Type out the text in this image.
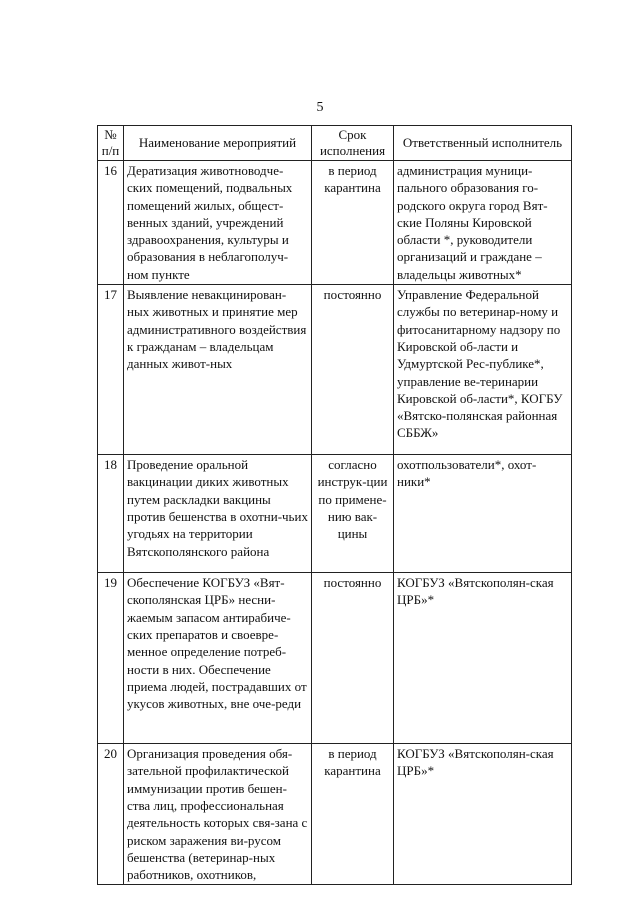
5
№ п/п	Наименование мероприятий	Срок исполнения	Ответственный исполнитель
16	Дератизация животноводче-ских помещений, подвальных помещений жилых, общест-венных зданий, учреждений здравоохранения, культуры и образования в неблагополуч-ном пункте	в период карантина	администрация муници-пального образования го-родского округа город Вят-ские Поляны Кировской области *, руководители организаций и граждане – владельцы животных*
17	Выявление невакцинирован-ных животных и принятие мер административного воздействия к гражданам – владельцам данных живот-ных	постоянно	Управление Федеральной службы по ветеринар-ному и фитосанитарному надзору по Кировской об-ласти и Удмуртской Рес-публике*, управление ве-теринарии Кировской об-ласти*, КОГБУ «Вятско-полянская районная СББЖ»
18	Проведение оральной вакцинации диких животных путем раскладки вакцины против бешенства в охотни-чьих угодьях на территории Вятскополянского района	согласно инструк-ции по примене-нию вак-цины	охотпользователи*, охот-ники*
19	Обеспечение КОГБУЗ «Вят-скополянская ЦРБ» несни-жаемым запасом антирабиче-ских препаратов и своевре-менное определение потреб-ности в них. Обеспечение приема людей, пострадавших от укусов животных, вне оче-реди	постоянно	КОГБУЗ «Вятскополян-ская ЦРБ»*
20	Организация проведения обя-зательной профилактической иммунизации против бешен-ства лиц, профессиональная деятельность которых свя-зана с риском заражения ви-русом бешенства (ветеринар-ных работников, охотников,	в период карантина	КОГБУЗ «Вятскополян-ская ЦРБ»*
